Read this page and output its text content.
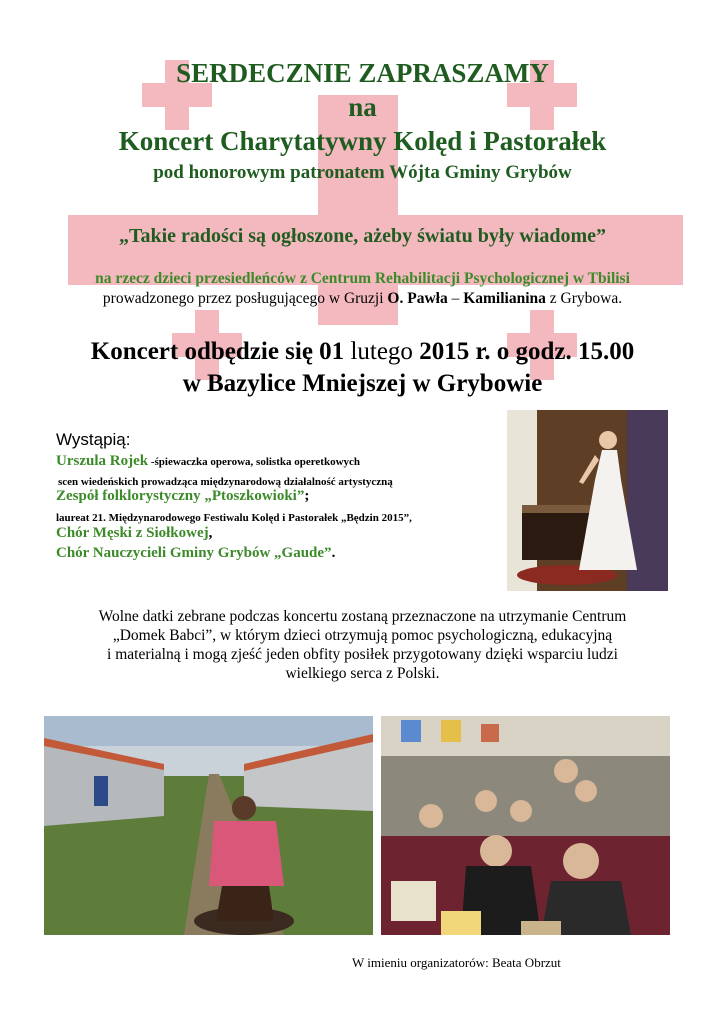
SERDECZNIE ZAPRASZAMY
na
Koncert Charytatywny Kolęd i Pastorałek
pod honorowym patronatem Wójta Gminy Grybów
„Takie radości są ogłoszone, ażeby światu były wiadome”
na rzecz dzieci przesiedleńców z Centrum Rehabilitacji Psychologicznej w Tbilisi
prowadzonego przez posługującego w Gruzji O. Pawła – Kamilianina z Grybowa.
Koncert odbędzie się 01 lutego 2015 r. o godz. 15.00
w Bazylice Mniejszej w Grybowie
Wystąpią:
Urszula Rojek -śpiewaczka operowa, solistka operetkowych
scen wiedeńskich prowadząca międzynarodową działalność artystyczną
Zespół folklorystyczny „Ptoszkowioki”;
laureat 21. Międzynarodowego Festiwalu Kolęd i Pastorałek „Będzin 2015”,
Chór Męski z Siołkowej,
Chór Nauczycieli Gminy Grybów „Gaude”.
Wolne datki zebrane podczas koncertu zostaną przeznaczone na utrzymanie Centrum
„Domek Babci”, w którym dzieci otrzymują pomoc psychologiczną, edukacyjną
i materialną i mogą zjeść jeden obfity posiłek przygotowany dzięki wsparciu ludzi
wielkiego serca z Polski.
W imieniu organizatorów: Beata Obrzut
